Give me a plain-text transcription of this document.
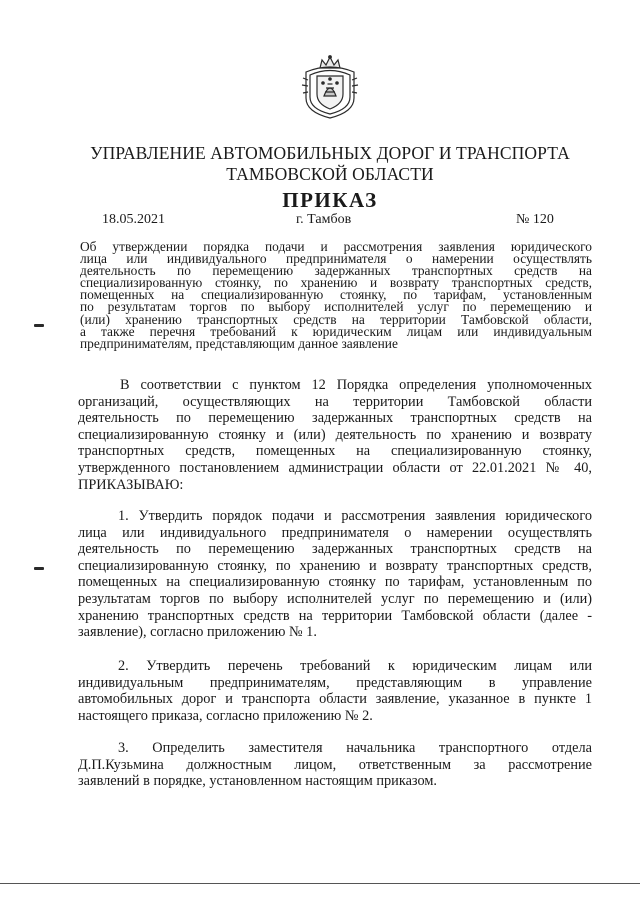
УПРАВЛЕНИЕ АВТОМОБИЛЬНЫХ ДОРОГ И ТРАНСПОРТА
ТАМБОВСКОЙ ОБЛАСТИ
ПРИКАЗ
18.05.2021	г. Тамбов	№ 120
Об утверждении порядка подачи и рассмотрения заявления юридического
лица или индивидуального предпринимателя о намерении осуществлять
деятельность по перемещению задержанных транспортных средств на
специализированную стоянку, по хранению и возврату транспортных средств,
помещенных на специализированную стоянку, по тарифам, установленным
по результатам торгов по выбору исполнителей услуг по перемещению и
(или) хранению транспортных средств на территории Тамбовской области,
а также перечня требований к юридическим лицам или индивидуальным
предпринимателям, представляющим данное заявление
В соответствии с пунктом 12 Порядка определения уполномоченных
организаций, осуществляющих на территории Тамбовской области
деятельность по перемещению задержанных транспортных средств на
специализированную стоянку и (или) деятельность по хранению и возврату
транспортных средств, помещенных на специализированную стоянку,
утвержденного постановлением администрации области от 22.01.2021 № 40,
ПРИКАЗЫВАЮ:
1. Утвердить порядок подачи и рассмотрения заявления юридического
лица или индивидуального предпринимателя о намерении осуществлять
деятельность по перемещению задержанных транспортных средств на
специализированную стоянку, по хранению и возврату транспортных средств,
помещенных на специализированную стоянку по тарифам, установленным по
результатам торгов по выбору исполнителей услуг по перемещению и (или)
хранению транспортных средств на территории Тамбовской области (далее -
заявление), согласно приложению № 1.
2. Утвердить перечень требований к юридическим лицам или
индивидуальным предпринимателям, представляющим в управление
автомобильных дорог и транспорта области заявление, указанное в пункте 1
настоящего приказа, согласно приложению № 2.
3. Определить заместителя начальника транспортного отдела
Д.П.Кузьмина должностным лицом, ответственным за рассмотрение
заявлений в порядке, установленном настоящим приказом.
